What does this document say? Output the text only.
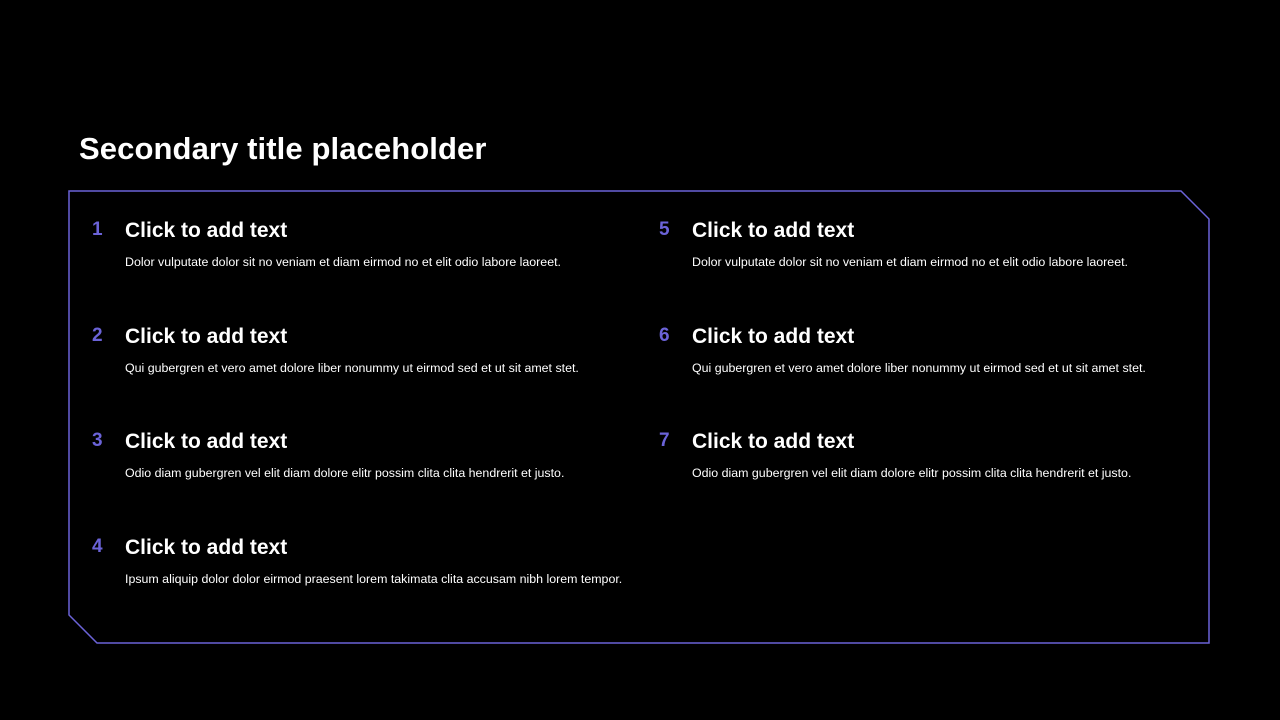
Secondary title placeholder
1 Click to add text
Dolor vulputate dolor sit no veniam et diam eirmod no et elit odio labore laoreet.
2 Click to add text
Qui gubergren et vero amet dolore liber nonummy ut eirmod sed et ut sit amet stet.
3 Click to add text
Odio diam gubergren vel elit diam dolore elitr possim clita clita hendrerit et justo.
4 Click to add text
Ipsum aliquip dolor dolor eirmod praesent lorem takimata clita accusam nibh lorem tempor.
5 Click to add text
Dolor vulputate dolor sit no veniam et diam eirmod no et elit odio labore laoreet.
6 Click to add text
Qui gubergren et vero amet dolore liber nonummy ut eirmod sed et ut sit amet stet.
7 Click to add text
Odio diam gubergren vel elit diam dolore elitr possim clita clita hendrerit et justo.
